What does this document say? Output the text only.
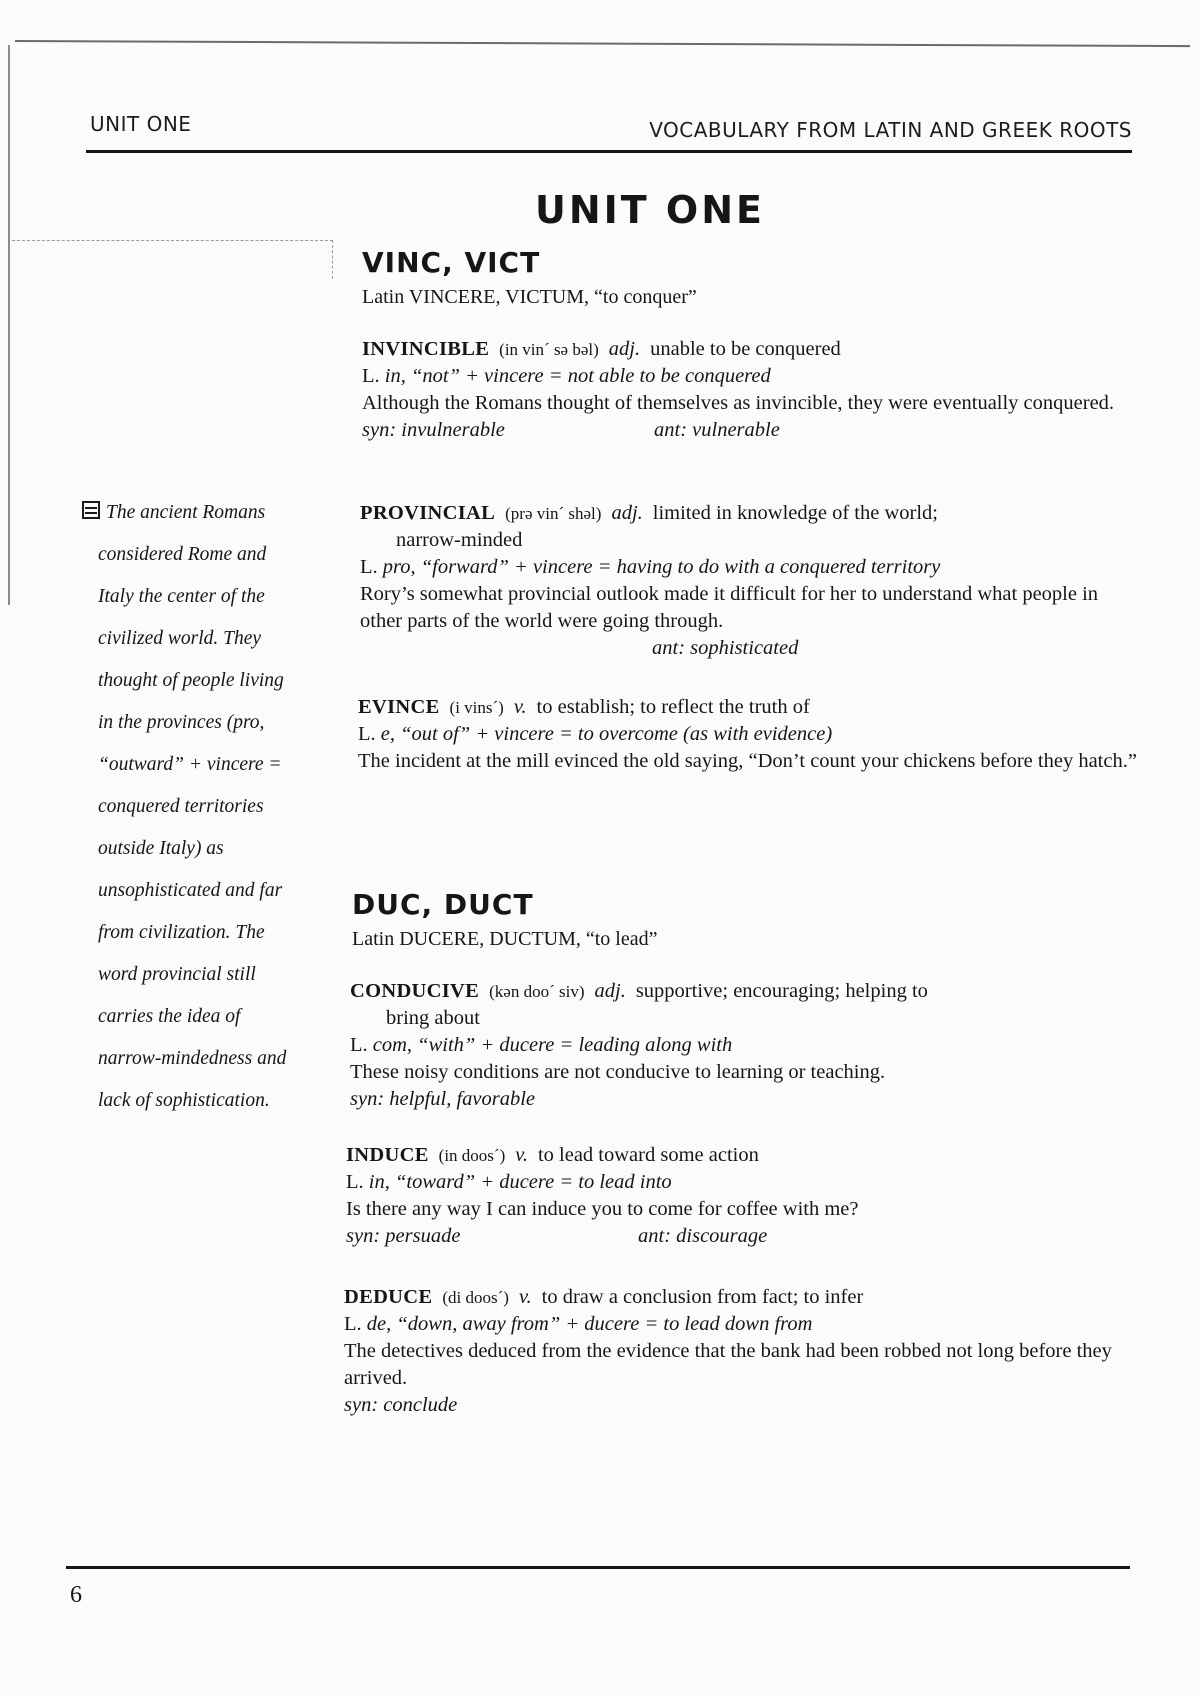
UNIT ONE	VOCABULARY FROM LATIN AND GREEK ROOTS
UNIT ONE
The ancient Romans
considered Rome and
Italy the center of the
civilized world. They
thought of people living
in the provinces (pro,
“outward” + vincere =
conquered territories
outside Italy) as
unsophisticated and far
from civilization. The
word provincial still
carries the idea of
narrow-mindedness and
lack of sophistication.
VINC, VICT
Latin VINCERE, VICTUM, “to conquer”

INVINCIBLE (in vin´ sə bəl) adj. unable to be conquered

L. in, “not” + vincere = not able to be conquered

Although the Romans thought of themselves as invincible, they were eventually conquered.

syn: invulnerable	ant: vulnerable

PROVINCIAL (prə vin´ shəl) adj. limited in knowledge of the world;

narrow-minded

L. pro, “forward” + vincere = having to do with a conquered territory

Rory’s somewhat provincial outlook made it difficult for her to understand what people in other parts of the world were going through.

ant: sophisticated

EVINCE (i vins´) v. to establish; to reflect the truth of

L. e, “out of” + vincere = to overcome (as with evidence)

The incident at the mill evinced the old saying, “Don’t count your chickens before they hatch.”

DUC, DUCT
Latin DUCERE, DUCTUM, “to lead”

CONDUCIVE (kən doo´ siv) adj. supportive; encouraging; helping to

bring about

L. com, “with” + ducere = leading along with

These noisy conditions are not conducive to learning or teaching.

syn: helpful, favorable

INDUCE (in doos´) v. to lead toward some action

L. in, “toward” + ducere = to lead into

Is there any way I can induce you to come for coffee with me?

syn: persuade	ant: discourage

DEDUCE (di doos´) v. to draw a conclusion from fact; to infer

L. de, “down, away from” + ducere = to lead down from

The detectives deduced from the evidence that the bank had been robbed not long before they arrived.

syn: conclude
6
